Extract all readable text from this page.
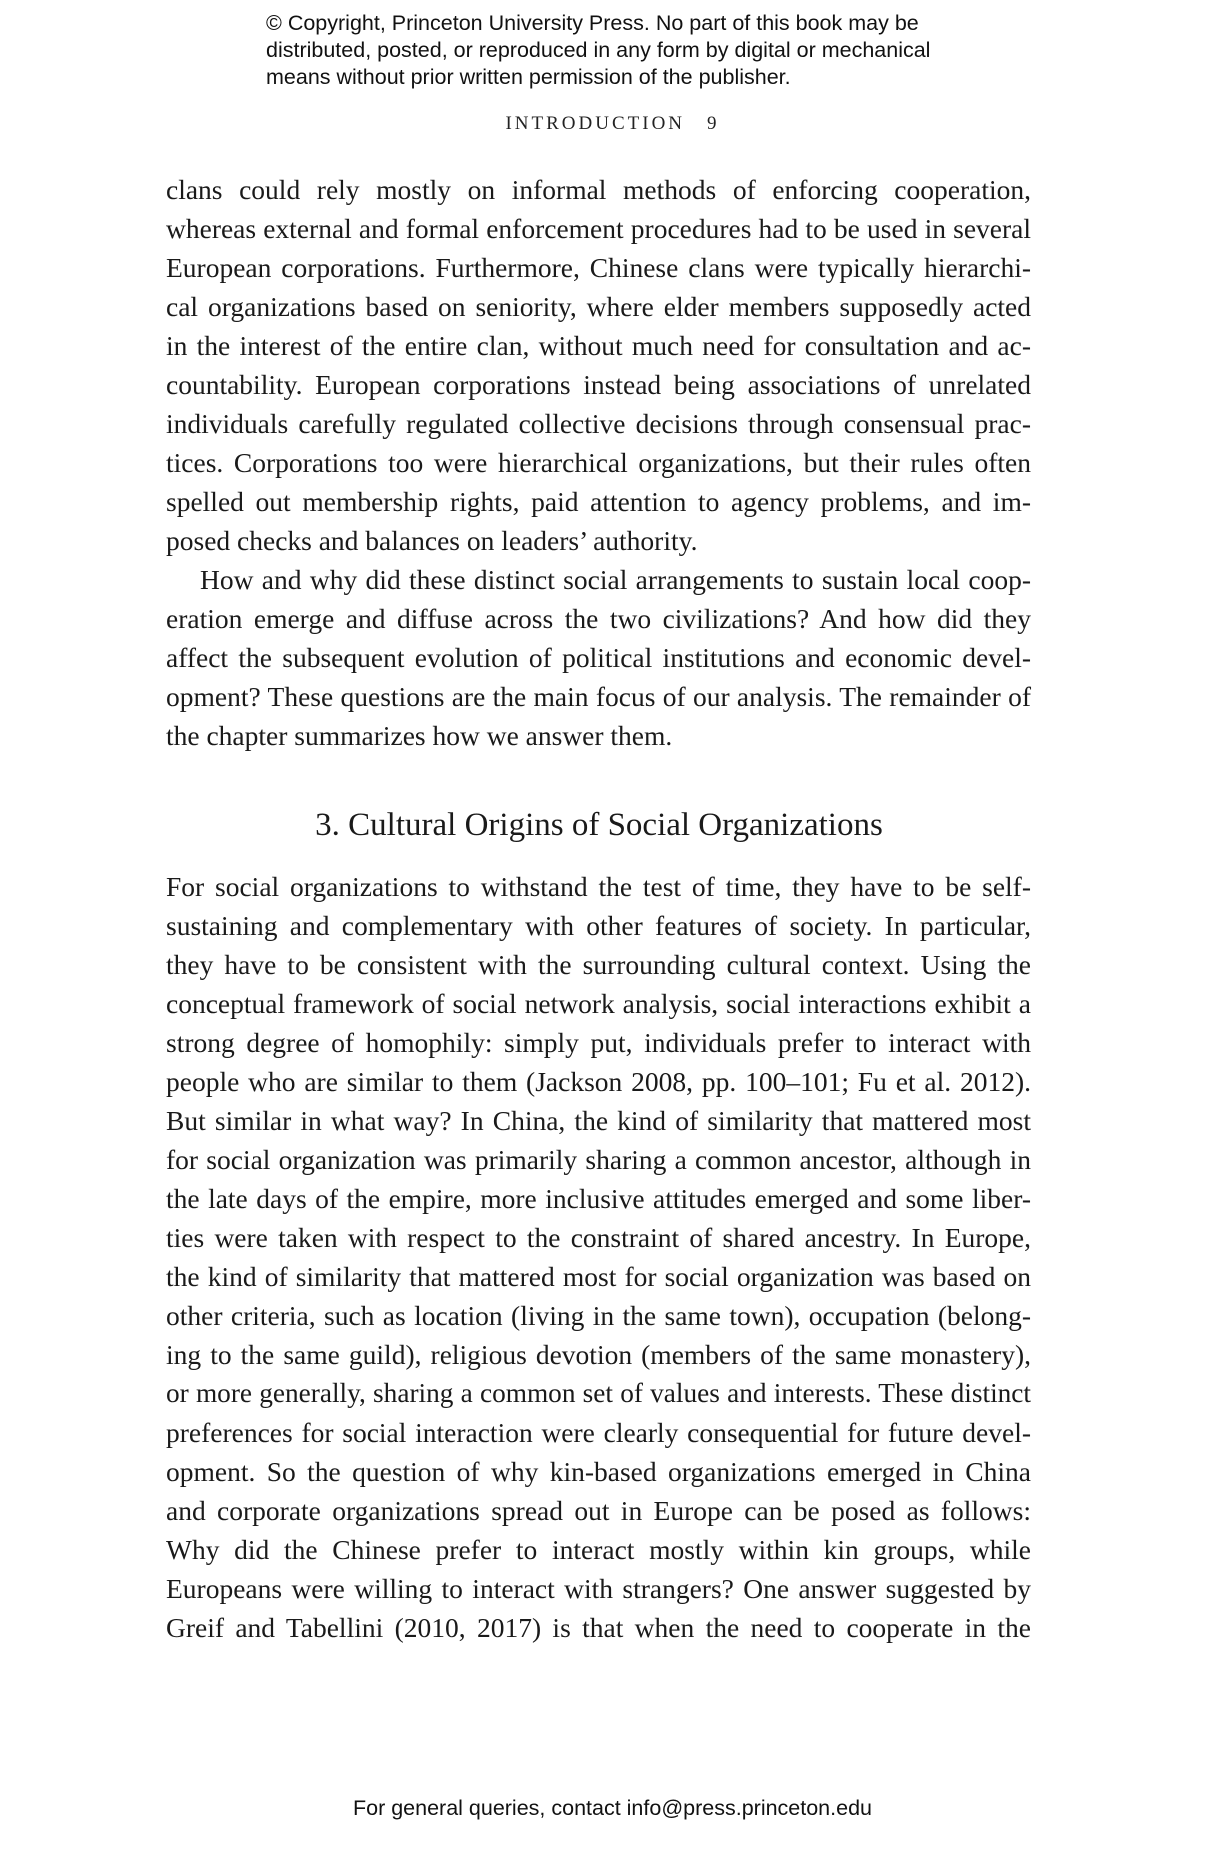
© Copyright, Princeton University Press. No part of this book may be
distributed, posted, or reproduced in any form by digital or mechanical
means without prior written permission of the publisher.
INTRODUCTION 9
clans could rely mostly on informal methods of enforcing cooperation,
whereas external and formal enforcement procedures had to be used in several
European corporations. Furthermore, Chinese clans were typically hierarchi-
cal organizations based on seniority, where elder members supposedly acted
in the interest of the entire clan, without much need for consultation and ac-
countability. European corporations instead being associations of unrelated
individuals carefully regulated collective decisions through consensual prac-
tices. Corporations too were hierarchical organizations, but their rules often
spelled out membership rights, paid attention to agency problems, and im-
posed checks and balances on leaders’ authority.
How and why did these distinct social arrangements to sustain local coop-
eration emerge and diffuse across the two civilizations? And how did they
affect the subsequent evolution of political institutions and economic devel-
opment? These questions are the main focus of our analysis. The remainder of
the chapter summarizes how we answer them.
3. Cultural Origins of Social Organizations
For social organizations to withstand the test of time, they have to be self-
sustaining and complementary with other features of society. In particular,
they have to be consistent with the surrounding cultural context. Using the
conceptual framework of social network analysis, social interactions exhibit a
strong degree of homophily: simply put, individuals prefer to interact with
people who are similar to them (Jackson 2008, pp. 100–101; Fu et al. 2012).
But similar in what way? In China, the kind of similarity that mattered most
for social organization was primarily sharing a common ancestor, although in
the late days of the empire, more inclusive attitudes emerged and some liber-
ties were taken with respect to the constraint of shared ancestry. In Europe,
the kind of similarity that mattered most for social organization was based on
other criteria, such as location (living in the same town), occupation (belong-
ing to the same guild), religious devotion (members of the same monastery),
or more generally, sharing a common set of values and interests. These distinct
preferences for social interaction were clearly consequential for future devel-
opment. So the question of why kin-based organizations emerged in China
and corporate organizations spread out in Europe can be posed as follows:
Why did the Chinese prefer to interact mostly within kin groups, while
Europeans were willing to interact with strangers? One answer suggested by
Greif and Tabellini (2010, 2017) is that when the need to cooperate in the
For general queries, contact info@press.princeton.edu
